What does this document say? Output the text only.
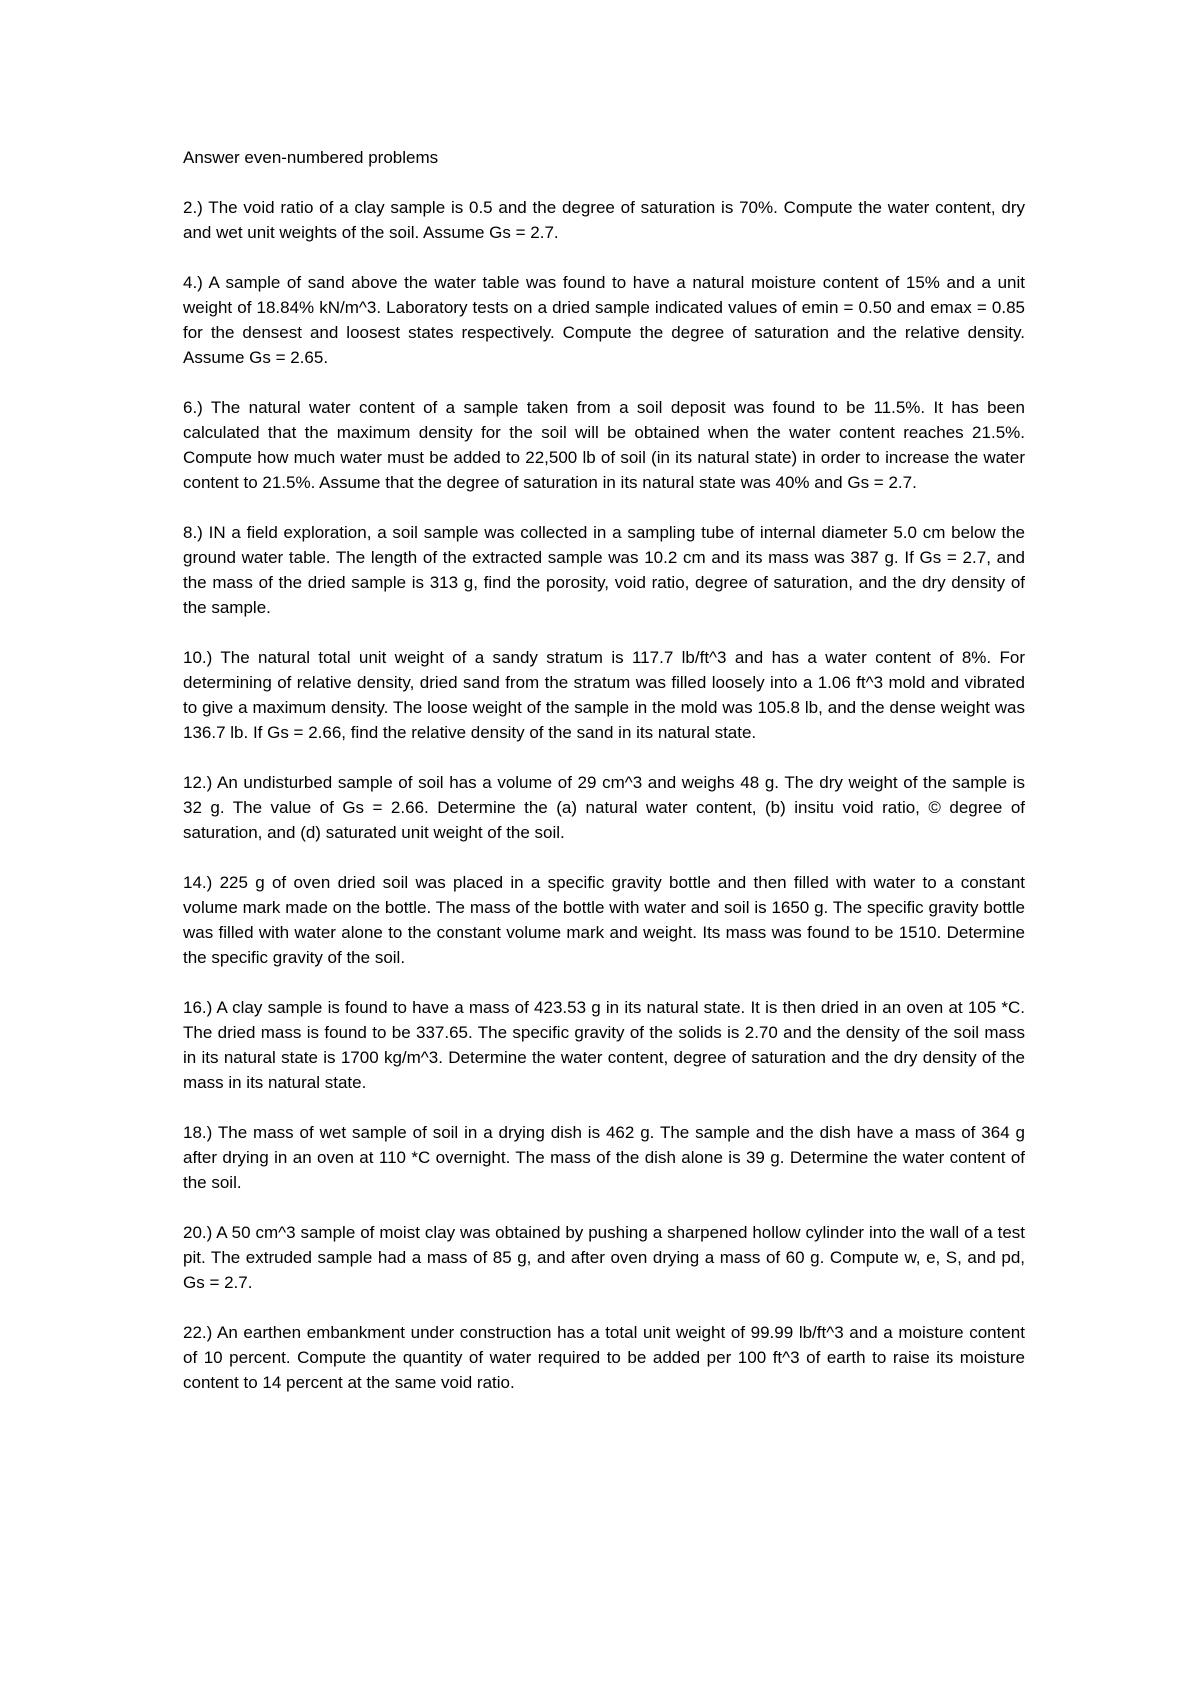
Answer even-numbered problems

2.) The void ratio of a clay sample is 0.5 and the degree of saturation is 70%. Compute the water content, dry and wet unit weights of the soil. Assume Gs = 2.7.

4.) A sample of sand above the water table was found to have a natural moisture content of 15% and a unit weight of 18.84% kN/m^3. Laboratory tests on a dried sample indicated values of emin = 0.50 and emax = 0.85 for the densest and loosest states respectively. Compute the degree of saturation and the relative density. Assume Gs = 2.65.

6.) The natural water content of a sample taken from a soil deposit was found to be 11.5%. It has been calculated that the maximum density for the soil will be obtained when the water content reaches 21.5%. Compute how much water must be added to 22,500 lb of soil (in its natural state) in order to increase the water content to 21.5%. Assume that the degree of saturation in its natural state was 40% and Gs = 2.7.

8.) IN a field exploration, a soil sample was collected in a sampling tube of internal diameter 5.0 cm below the ground water table. The length of the extracted sample was 10.2 cm and its mass was 387 g. If Gs = 2.7, and the mass of the dried sample is 313 g, find the porosity, void ratio, degree of saturation, and the dry density of the sample.

10.) The natural total unit weight of a sandy stratum is 117.7 lb/ft^3 and has a water content of 8%. For determining of relative density, dried sand from the stratum was filled loosely into a 1.06 ft^3 mold and vibrated to give a maximum density. The loose weight of the sample in the mold was 105.8 lb, and the dense weight was 136.7 lb. If Gs = 2.66, find the relative density of the sand in its natural state.

12.) An undisturbed sample of soil has a volume of 29 cm^3 and weighs 48 g. The dry weight of the sample is 32 g. The value of Gs = 2.66. Determine the (a) natural water content, (b) insitu void ratio, © degree of saturation, and (d) saturated unit weight of the soil.

14.) 225 g of oven dried soil was placed in a specific gravity bottle and then filled with water to a constant volume mark made on the bottle. The mass of the bottle with water and soil is 1650 g. The specific gravity bottle was filled with water alone to the constant volume mark and weight. Its mass was found to be 1510. Determine the specific gravity of the soil.

16.) A clay sample is found to have a mass of 423.53 g in its natural state. It is then dried in an oven at 105 *C. The dried mass is found to be 337.65. The specific gravity of the solids is 2.70 and the density of the soil mass in its natural state is 1700 kg/m^3. Determine the water content, degree of saturation and the dry density of the mass in its natural state.

18.) The mass of wet sample of soil in a drying dish is 462 g. The sample and the dish have a mass of 364 g after drying in an oven at 110 *C overnight. The mass of the dish alone is 39 g. Determine the water content of the soil.

20.) A 50 cm^3 sample of moist clay was obtained by pushing a sharpened hollow cylinder into the wall of a test pit. The extruded sample had a mass of 85 g, and after oven drying a mass of 60 g. Compute w, e, S, and pd, Gs = 2.7.

22.) An earthen embankment under construction has a total unit weight of 99.99 lb/ft^3 and a moisture content of 10 percent. Compute the quantity of water required to be added per 100 ft^3 of earth to raise its moisture content to 14 percent at the same void ratio.
